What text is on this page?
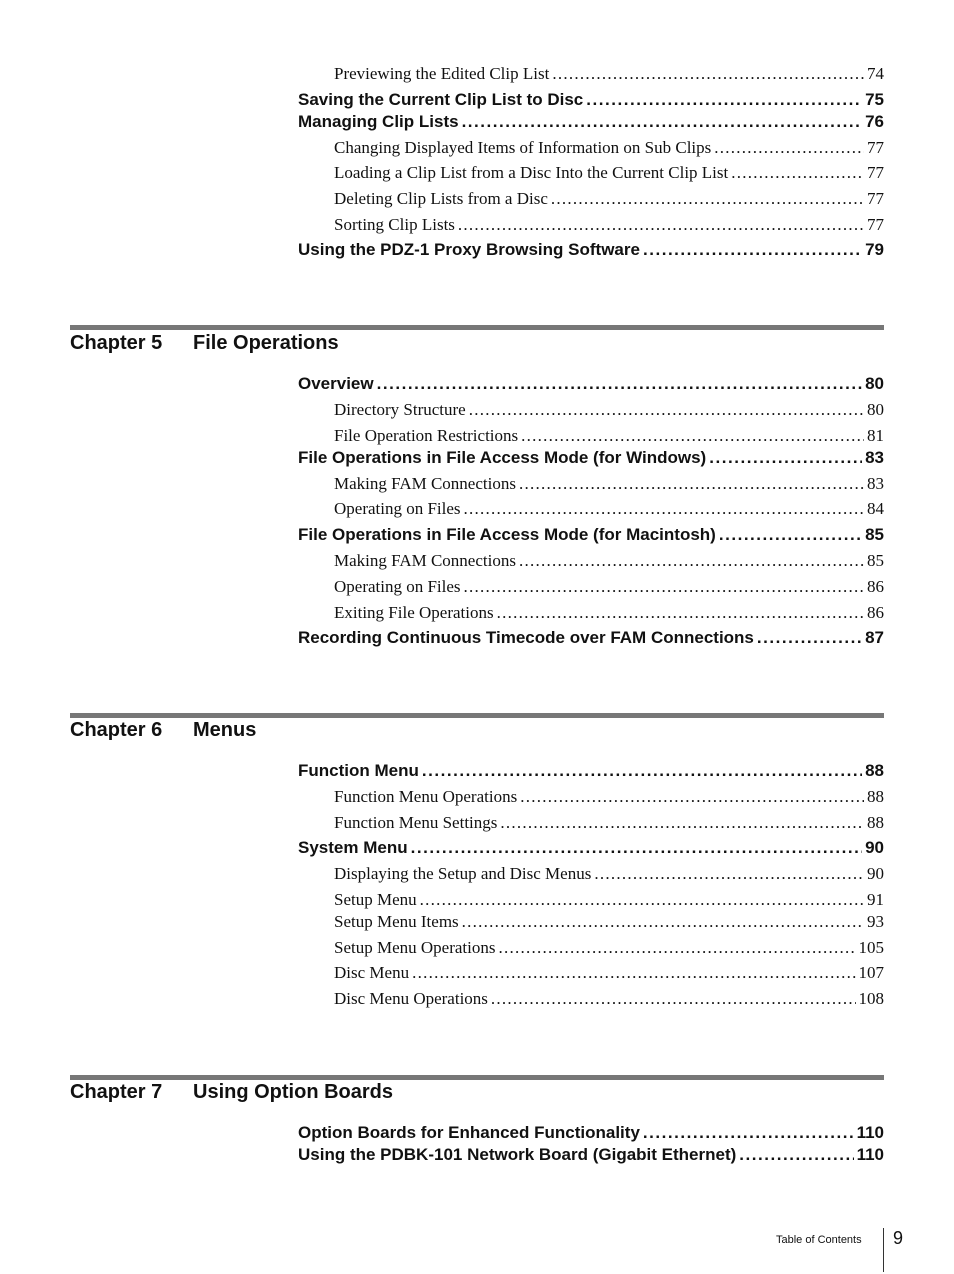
Previewing the Edited Clip List . . .	74
Saving the Current Clip List to Disc . . .	75
Managing Clip Lists . . .	76
Changing Displayed Items of Information on Sub Clips . . .	77
Loading a Clip List from a Disc Into the Current Clip List . . .	77
Deleting Clip Lists from a Disc . . .	77
Sorting Clip Lists . . .	77
Using the PDZ-1 Proxy Browsing Software . . .	79
Chapter 5 File Operations
Overview . . .	80
Directory Structure . . .	80
File Operation Restrictions . . .	81
File Operations in File Access Mode (for Windows) . . .	83
Making FAM Connections . . .	83
Operating on Files . . .	84
File Operations in File Access Mode (for Macintosh) . . .	85
Making FAM Connections . . .	85
Operating on Files . . .	86
Exiting File Operations . . .	86
Recording Continuous Timecode over FAM Connections . . .	87
Chapter 6 Menus
Function Menu . . .	88
Function Menu Operations . . .	88
Function Menu Settings . . .	88
System Menu . . .	90
Displaying the Setup and Disc Menus . . .	90
Setup Menu . . .	91
Setup Menu Items . . .	93
Setup Menu Operations . . .	105
Disc Menu . . .	107
Disc Menu Operations . . .	108
Chapter 7 Using Option Boards
Option Boards for Enhanced Functionality . . .	110
Using the PDBK-101 Network Board (Gigabit Ethernet) . . .	110
Table of Contents 9
